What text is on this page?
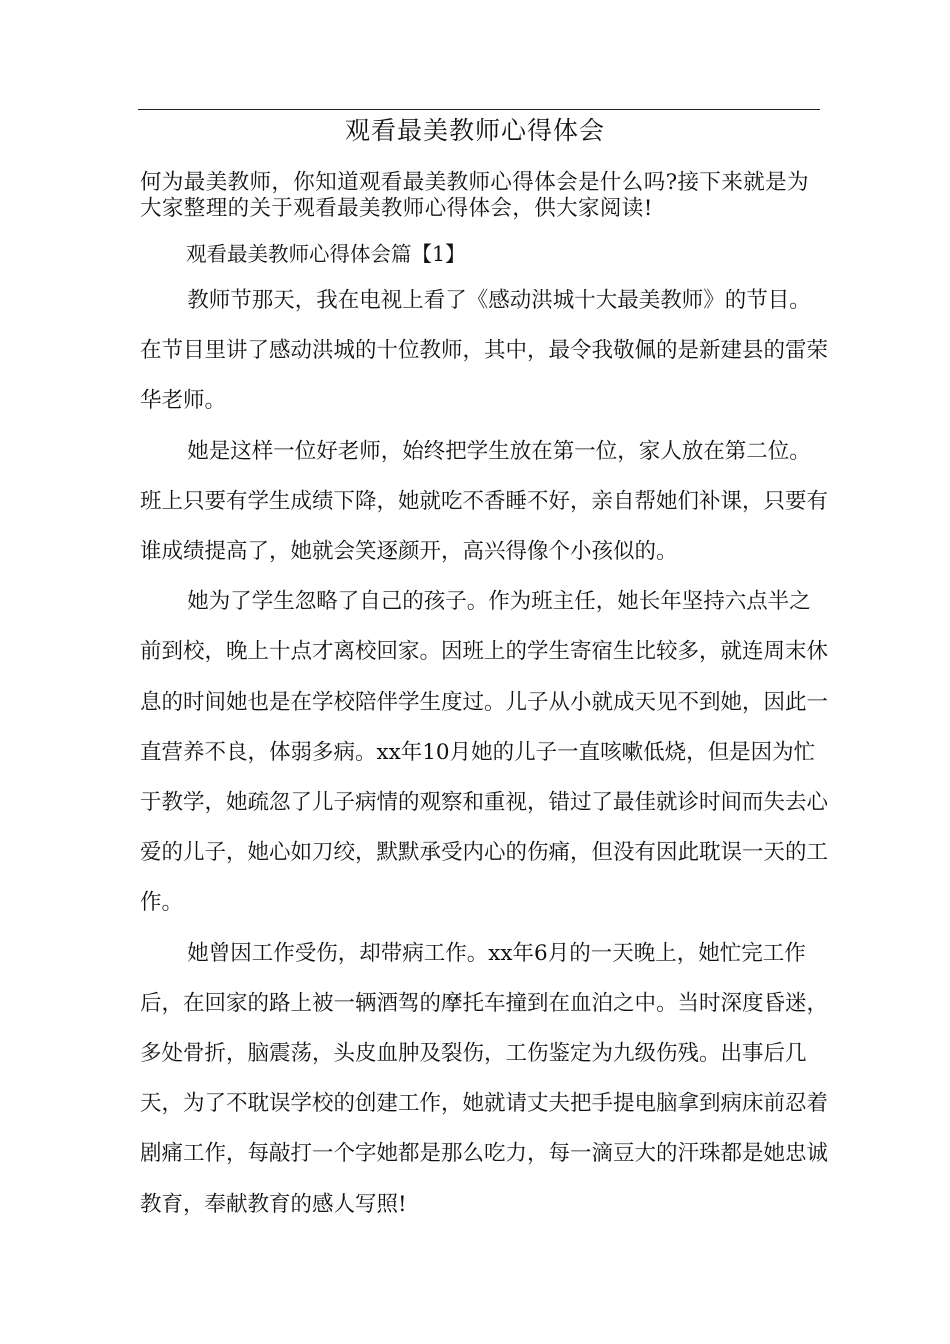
观看最美教师心得体会
何为最美教师，你知道观看最美教师心得体会是什么吗?接下来就是为大家整理的关于观看最美教师心得体会，供大家阅读!
观看最美教师心得体会篇【1】

教师节那天，我在电视上看了《感动洪城十大最美教师》的节目。在节目里讲了感动洪城的十位教师，其中，最令我敬佩的是新建县的雷荣华老师。

她是这样一位好老师，始终把学生放在第一位，家人放在第二位。班上只要有学生成绩下降，她就吃不香睡不好，亲自帮她们补课，只要有谁成绩提高了，她就会笑逐颜开，高兴得像个小孩似的。

她为了学生忽略了自己的孩子。作为班主任，她长年坚持六点半之前到校，晚上十点才离校回家。因班上的学生寄宿生比较多，就连周末休息的时间她也是在学校陪伴学生度过。儿子从小就成天见不到她，因此一直营养不良，体弱多病。xx年10月她的儿子一直咳嗽低烧，但是因为忙于教学，她疏忽了儿子病情的观察和重视，错过了最佳就诊时间而失去心爱的儿子，她心如刀绞，默默承受内心的伤痛，但没有因此耽误一天的工作。

她曾因工作受伤，却带病工作。xx年6月的一天晚上，她忙完工作后，在回家的路上被一辆酒驾的摩托车撞到在血泊之中。当时深度昏迷，多处骨折，脑震荡，头皮血肿及裂伤，工伤鉴定为九级伤残。出事后几天，为了不耽误学校的创建工作，她就请丈夫把手提电脑拿到病床前忍着剧痛工作，每敲打一个字她都是那么吃力，每一滴豆大的汗珠都是她忠诚教育，奉献教育的感人写照!
